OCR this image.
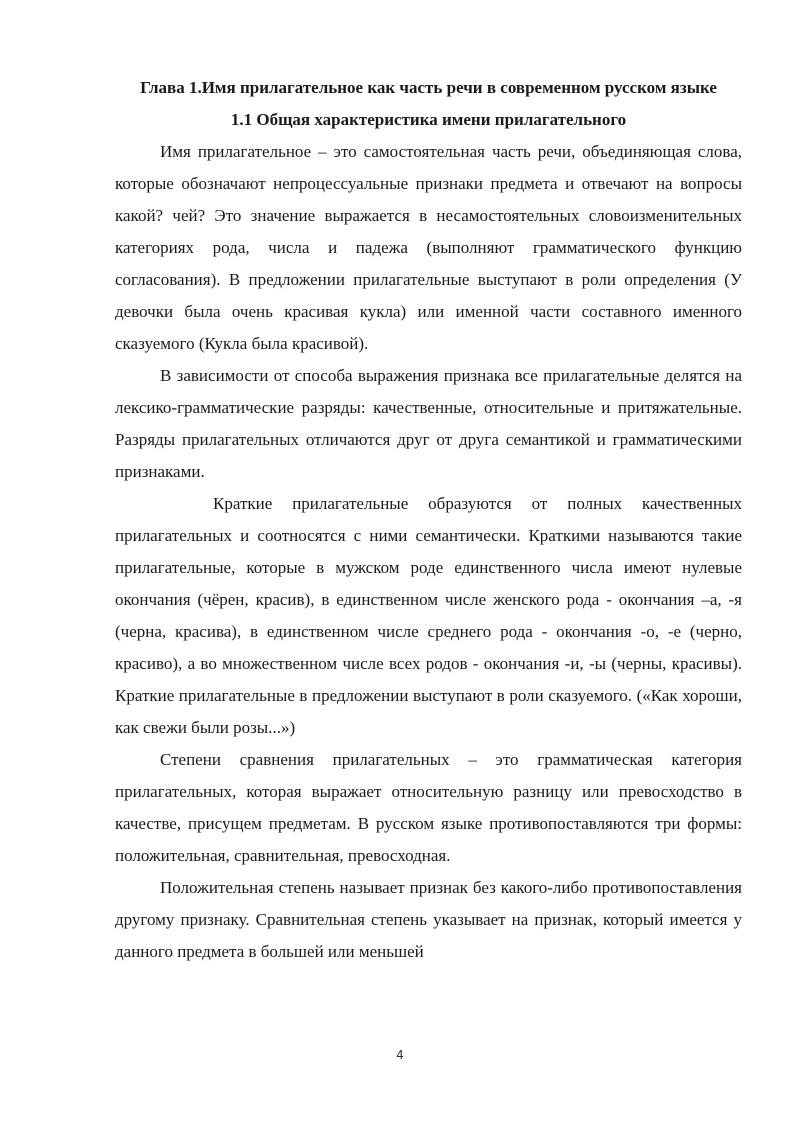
Глава 1.Имя прилагательное как часть речи в современном русском языке
1.1 Общая характеристика имени прилагательного

Имя прилагательное – это самостоятельная часть речи, объединяющая слова, которые обозначают непроцессуальные признаки предмета и отвечают на вопросы какой? чей? Это значение выражается в несамостоятельных словоизменительных категориях рода, числа и падежа (выполняют грамматического функцию согласования). В предложении прилагательные выступают в роли определения (У девочки была очень красивая кукла) или именной части составного именного сказуемого (Кукла была красивой).

В зависимости от способа выражения признака все прилагательные делятся на лексико-грамматические разряды: качественные, относительные и притяжательные. Разряды прилагательных отличаются друг от друга семантикой и грамматическими признаками.

Краткие прилагательные образуются от полных качественных прилагательных и соотносятся с ними семантически. Краткими называются такие прилагательные, которые в мужском роде единственного числа имеют нулевые окончания (чёрен, красив), в единственном числе женского рода - окончания –а, -я (черна, красива), в единственном числе среднего рода - окончания -о, -е (черно, красиво), а во множественном числе всех родов - окончания -и, -ы (черны, красивы). Краткие прилагательные в предложении выступают в роли сказуемого. («Как хороши, как свежи были розы...»)

Степени сравнения прилагательных – это грамматическая категория прилагательных, которая выражает относительную разницу или превосходство в качестве, присущем предметам. В русском языке противопоставляются три формы: положительная, сравнительная, превосходная.

Положительная степень называет признак без какого-либо противопоставления другому признаку. Сравнительная степень указывает на признак, который имеется у данного предмета в большей или меньшей

4
